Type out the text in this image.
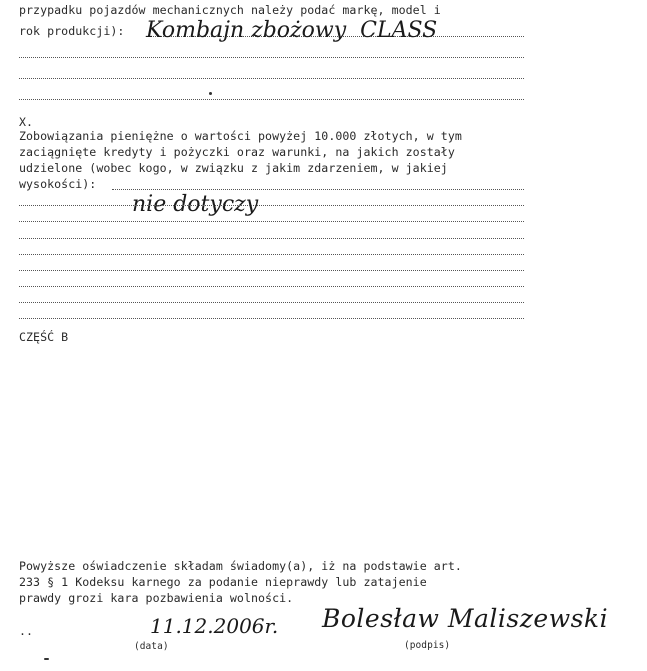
przypadku pojazdów mechanicznych należy podać markę, model i
rok produkcji): Kombajn zbożowy  CLASS
X.
Zobowiązania pieniężne o wartości powyżej 10.000 złotych, w tym
zaciągnięte kredyty i pożyczki oraz warunki, na jakich zostały
udzielone (wobec kogo, w związku z jakim zdarzeniem, w jakiej
wysokości):
nie dotyczy
CZĘŚĆ B
Powyższe oświadczenie składam świadomy(a), iż na podstawie art.
233 § 1 Kodeksu karnego za podanie nieprawdy lub zatajenie
prawdy grozi kara pozbawienia wolności.
..	11.12.2006r. Bolesław Maliszewski
(data)	(podpis)
